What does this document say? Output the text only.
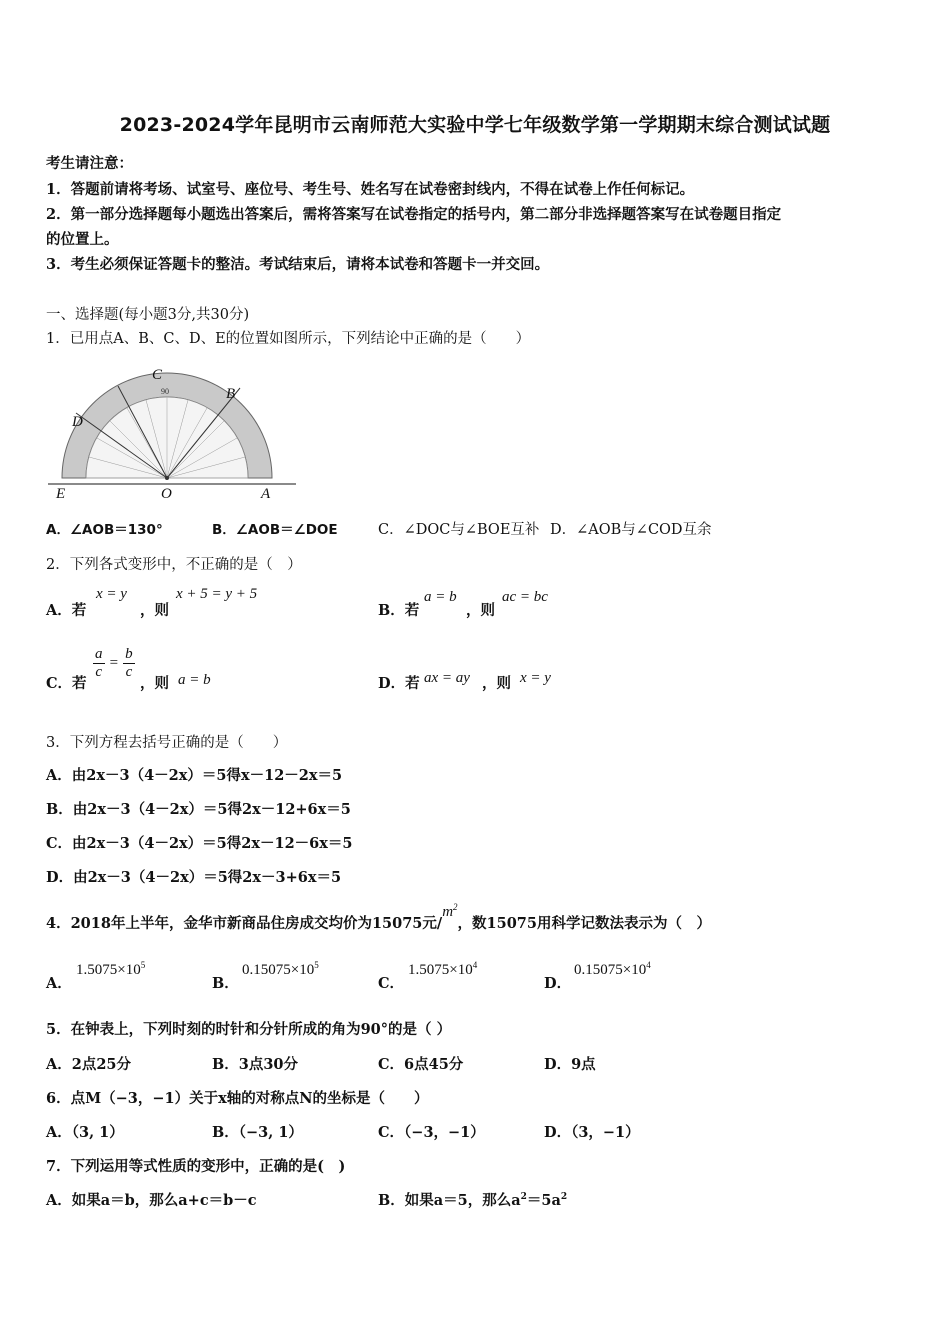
2023-2024学年昆明市云南师范大实验中学七年级数学第一学期期末综合测试试题
考生请注意：
1．答题前请将考场、试室号、座位号、考生号、姓名写在试卷密封线内，不得在试卷上作任何标记。
2．第一部分选择题每小题选出答案后，需将答案写在试卷指定的括号内，第二部分非选择题答案写在试卷题目指定
的位置上。
3．考生必须保证答题卡的整洁。考试结束后，请将本试卷和答题卡一并交回。
一、选择题(每小题3分,共30分)
1．已用点A、B、C、D、E的位置如图所示，下列结论中正确的是（　　）
90
C
B
D
E	O	A
A．∠AOB＝130°	B．∠AOB＝∠DOE	C．∠DOC与∠BOE互补 D．∠AOB与∠COD互余
2．下列各式变形中，不正确的是（　）
A．若
x = y
，则
x + 5 = y + 5
B．若
a = b
，则
ac = bc
C．若
$\frac{a}{c} = \frac{b}{c}$
，则 a = b	D．若 ax = ay ，则 x = y
3．下列方程去括号正确的是（　　）
A．由2x－3（4－2x）＝5得x－12－2x＝5
B．由2x－3（4－2x）＝5得2x－12+6x＝5
C．由2x－3（4－2x）＝5得2x－12－6x＝5
D．由2x－3（4－2x）＝5得2x－3+6x＝5
4．2018年上半年，金华市新商品住房成交均价为15075元$/m^2$，数15075用科学记数法表示为（　）
A．
$1.5075\times 10^5$
B．
$0.15075\times 10^5$
C．
$1.5075\times 10^4$
D．
$0.15075\times 10^4$
5．在钟表上，下列时刻的时针和分针所成的角为90°的是（ ）
A．2点25分	B．3点30分	C．6点45分	D．9点
6．点M（−3，−1）关于x轴的对称点N的坐标是（　　）
A．（3, 1）	B．（−3, 1）	C．（−3，−1）	D．（3，−1）
7．下列运用等式性质的变形中，正确的是(　)
A．如果a＝b，那么a+c＝b－c	B．如果a＝5，那么$a^2=5a^2$
